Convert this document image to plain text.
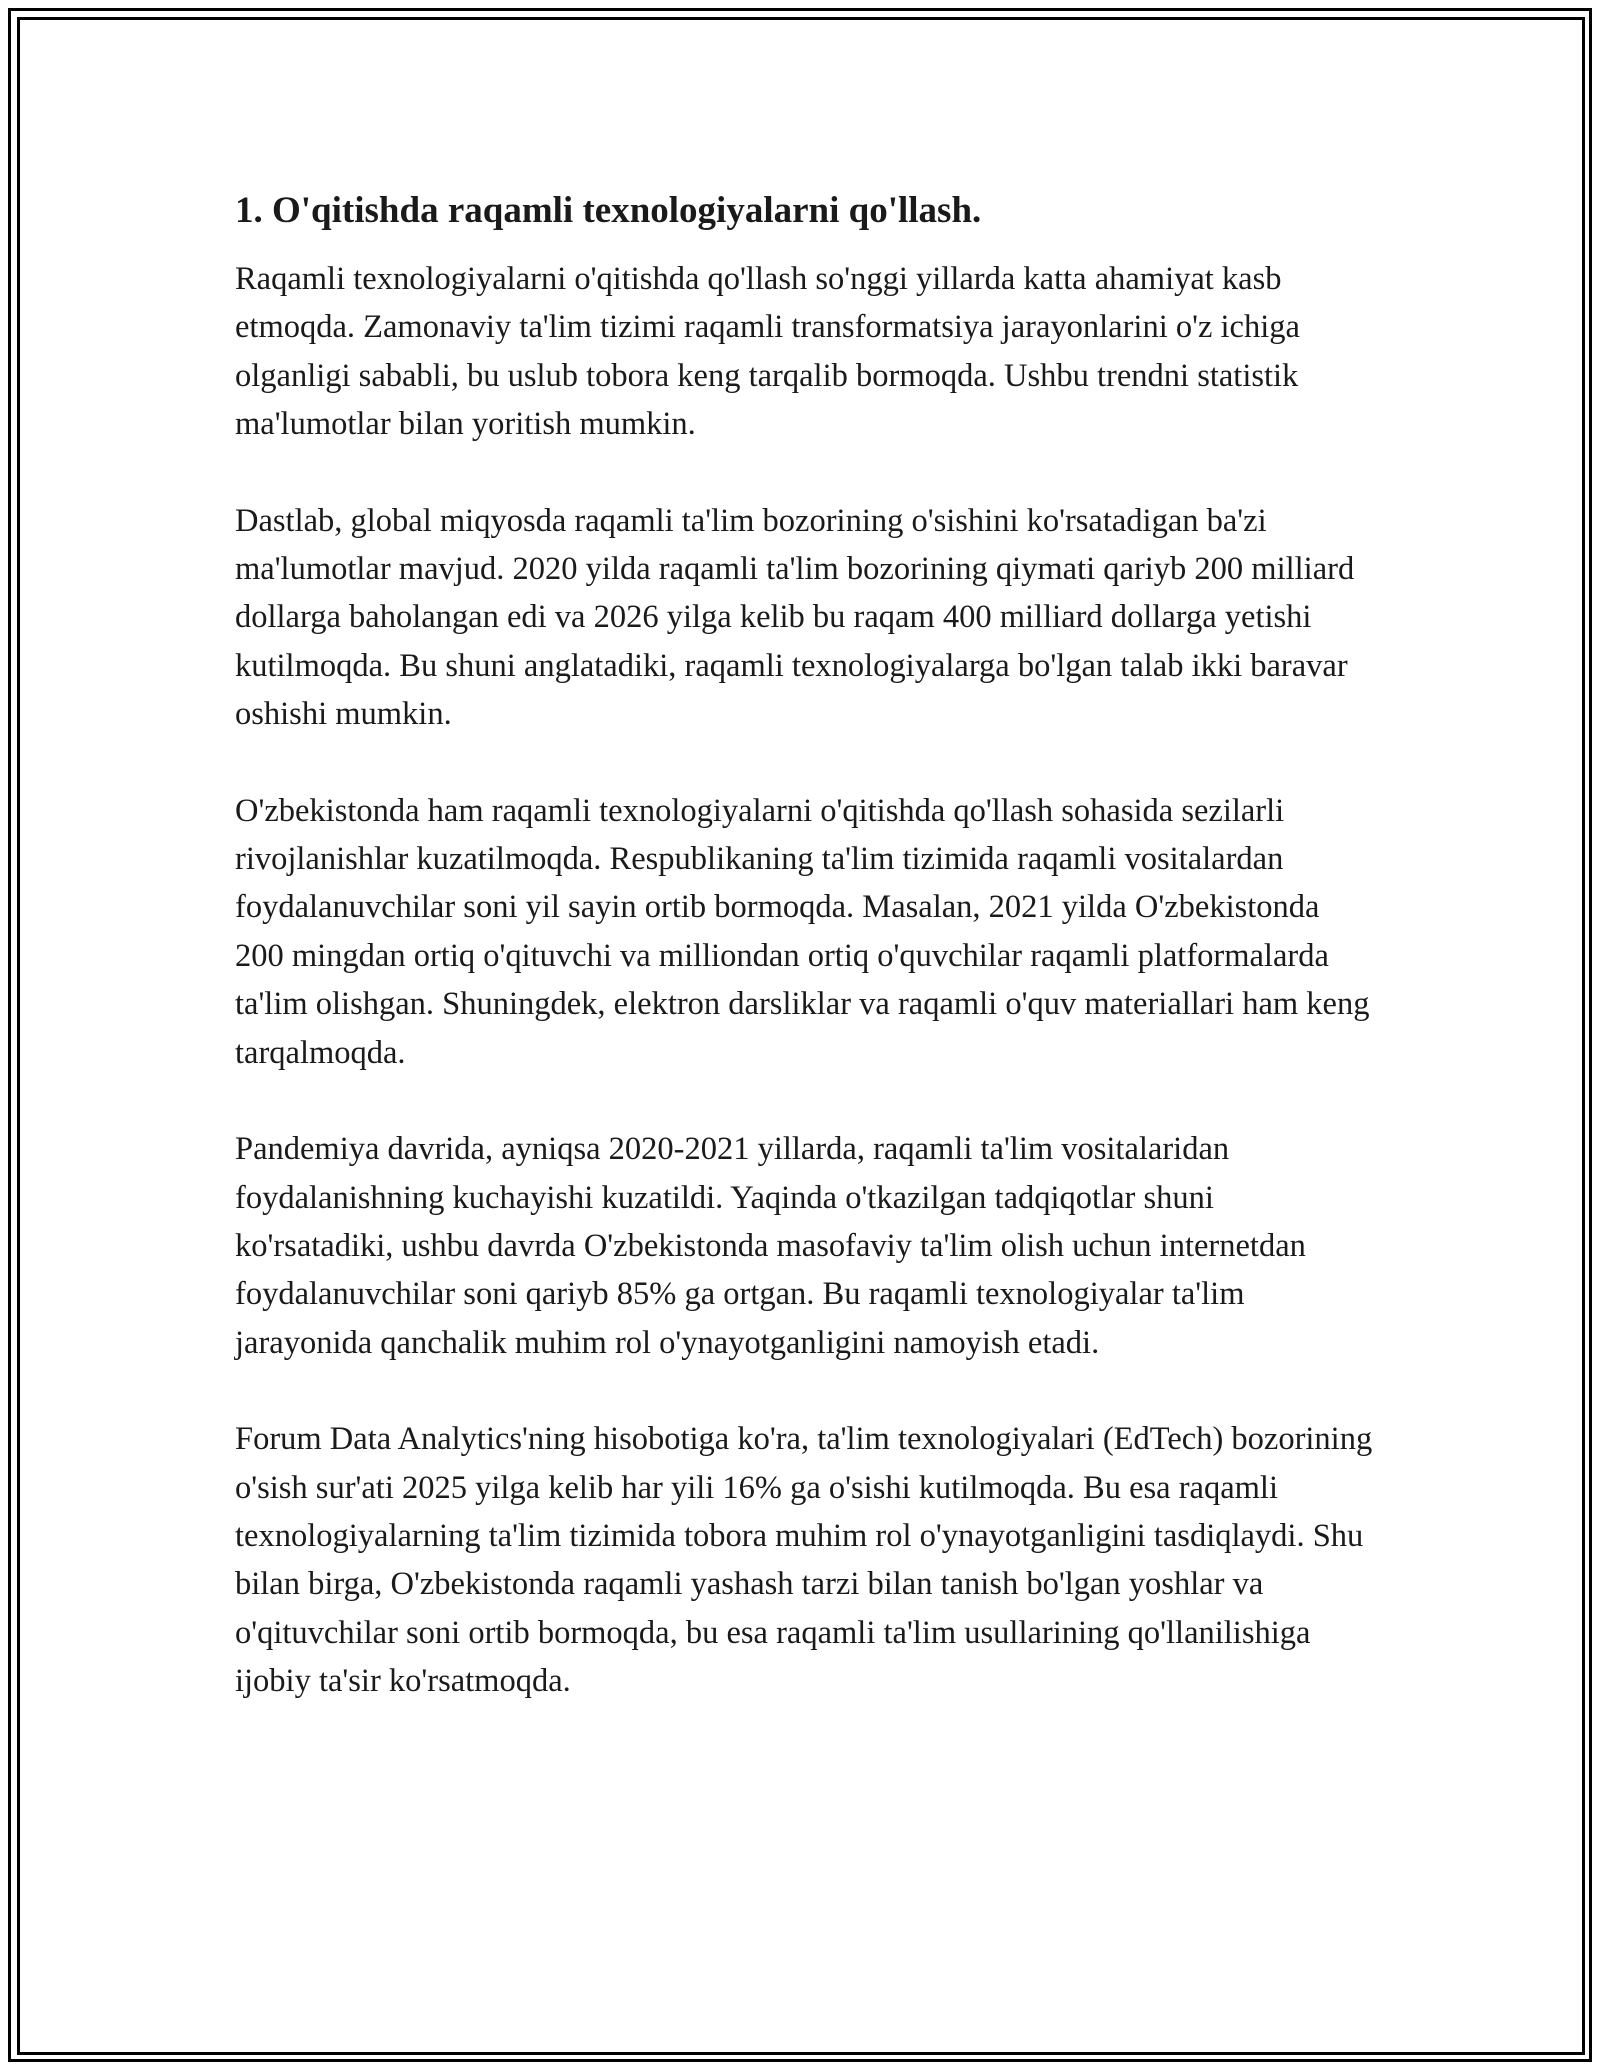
1. O'qitishda raqamli texnologiyalarni qo'llash.

Raqamli texnologiyalarni o'qitishda qo'llash so'nggi yillarda katta ahamiyat kasb etmoqda. Zamonaviy ta'lim tizimi raqamli transformatsiya jarayonlarini o'z ichiga olganligi sababli, bu uslub tobora keng tarqalib bormoqda. Ushbu trendni statistik ma'lumotlar bilan yoritish mumkin.

Dastlab, global miqyosda raqamli ta'lim bozorining o'sishini ko'rsatadigan ba'zi ma'lumotlar mavjud. 2020 yilda raqamli ta'lim bozorining qiymati qariyb 200 milliard dollarga baholangan edi va 2026 yilga kelib bu raqam 400 milliard dollarga yetishi kutilmoqda. Bu shuni anglatadiki, raqamli texnologiyalarga bo'lgan talab ikki baravar oshishi mumkin.

O'zbekistonda ham raqamli texnologiyalarni o'qitishda qo'llash sohasida sezilarli rivojlanishlar kuzatilmoqda. Respublikaning ta'lim tizimida raqamli vositalardan foydalanuvchilar soni yil sayin ortib bormoqda. Masalan, 2021 yilda O'zbekistonda 200 mingdan ortiq o'qituvchi va milliondan ortiq o'quvchilar raqamli platformalarda ta'lim olishgan. Shuningdek, elektron darsliklar va raqamli o'quv materiallari ham keng tarqalmoqda.

Pandemiya davrida, ayniqsa 2020-2021 yillarda, raqamli ta'lim vositalaridan foydalanishning kuchayishi kuzatildi. Yaqinda o'tkazilgan tadqiqotlar shuni ko'rsatadiki, ushbu davrda O'zbekistonda masofaviy ta'lim olish uchun internetdan foydalanuvchilar soni qariyb 85% ga ortgan. Bu raqamli texnologiyalar ta'lim jarayonida qanchalik muhim rol o'ynayotganligini namoyish etadi.

Forum Data Analytics'ning hisobotiga ko'ra, ta'lim texnologiyalari (EdTech) bozorining o'sish sur'ati 2025 yilga kelib har yili 16% ga o'sishi kutilmoqda. Bu esa raqamli texnologiyalarning ta'lim tizimida tobora muhim rol o'ynayotganligini tasdiqlaydi. Shu bilan birga, O'zbekistonda raqamli yashash tarzi bilan tanish bo'lgan yoshlar va o'qituvchilar soni ortib bormoqda, bu esa raqamli ta'lim usullarining qo'llanilishiga ijobiy ta'sir ko'rsatmoqda.
